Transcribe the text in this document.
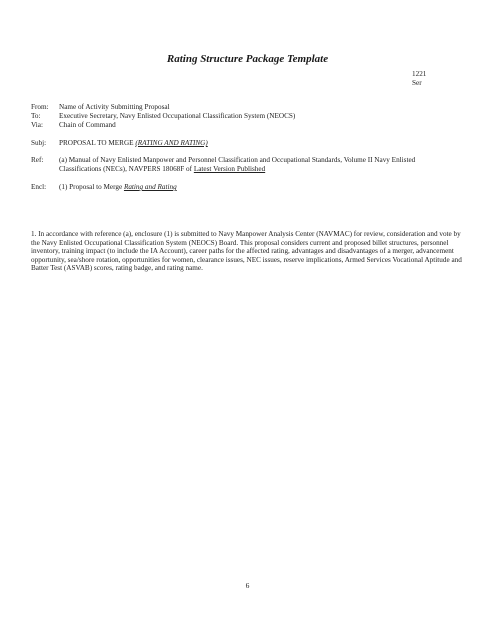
Rating Structure Package Template
1221
Ser
From:	Name of Activity Submitting Proposal
To:	Executive Secretary, Navy Enlisted Occupational Classification System (NEOCS)
Via:	Chain of Command
Subj:	PROPOSAL TO MERGE (RATING AND RATING)
Ref:	(a) Manual of Navy Enlisted Manpower and Personnel Classification and Occupational Standards, Volume II Navy Enlisted
Classifications (NECs), NAVPERS 18068F of Latest Version Published
Encl:	(1) Proposal to Merge Rating and Rating
1. In accordance with reference (a), enclosure (1) is submitted to Navy Manpower Analysis Center (NAVMAC) for review, consideration and vote by the Navy Enlisted Occupational Classification System (NEOCS) Board. This proposal considers current and proposed billet structures, personnel inventory, training impact (to include the IA Account), career paths for the affected rating, advantages and disadvantages of a merger, advancement opportunity, sea/shore rotation, opportunities for women, clearance issues, NEC issues, reserve implications, Armed Services Vocational Aptitude and Batter Test (ASVAB) scores, rating badge, and rating name.
6
